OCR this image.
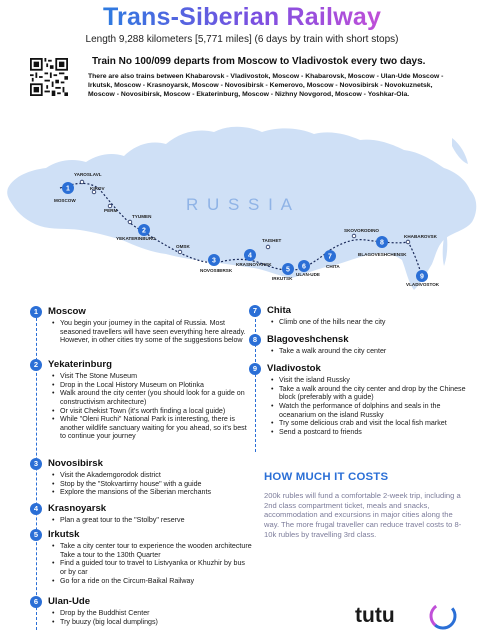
Trans-Siberian Railway
Length 9,288 kilometers [5,771 miles] (6 days by train with short stops)
Train No 100/099 departs from Moscow to Vladivostok every two days.
There are also trains between Khabarovsk - Vladivostok, Moscow - Khabarovsk, Moscow - Ulan-Ude Moscow - Irkutsk, Moscow - Krasnoyarsk, Moscow - Novosibirsk - Kemerovo, Moscow - Novosibirsk - Novokuznetsk, Moscow - Novosibirsk, Moscow - Ekaterinburg, Moscow - Nizhny Novgorod, Moscow - Yoshkar-Ola.
R U S S I A
YAROSLAVL
MOSCOW
KIROV
PERM
TYUMEN
YEKATERINBURG
OMSK
NOVOSIBIRSK
TAISHET
KRASNOYARSK
IRKUTSK
ULAN-UDE
CHITA
SKOVORODINO
BLAGOVESHCHENSK
KHABAROVSK
VLADIVOSTOK
1
2
3
4
5 6
7
8
9
1	Moscow
• You begin your journey in the capital of Russia. Most seasoned travellers will have seen everything here already. However, in other cities try some of the suggestions below
2	Yekaterinburg
• Visit The Stone Museum
• Drop in the Local History Museum on Plotinka
• Walk around the city center (you should look for a guide on constructivism architecture)
• Or visit Chekist Town (it's worth finding a local guide)
• While "Oleni Ruchi" National Park is interesting, there is another wildlife sanctuary waiting for you ahead, so it's best to continue your journey
3	Novosibirsk
• Visit the Akademgorodok district
• Stop by the "Stokvartirny house" with a guide
• Explore the mansions of the Siberian merchants
4	Krasnoyarsk
• Plan a great tour to the "Stolby" reserve
5	Irkutsk
• Take a city center tour to experience the wooden architecture Take a tour to the 130th Quarter
• Find a guided tour to travel to Listvyanka or Khuzhir by bus or by car
• Go for a ride on the Circum-Baikal Railway
6	Ulan-Ude
• Drop by the Buddhist Center
• Try buuzy (big local dumplings)
7	Chita
• Climb one of the hills near the city
8	Blagoveshchensk
• Take a walk around the city center
9	Vladivostok
• Visit the island Russky
• Take a walk around the city center and drop by the Chinese block (preferably with a guide)
• Watch the performance of dolphins and seals in the oceanarium on the island Russky
• Try some delicious crab and visit the local fish market
• Send a postcard to friends
HOW MUCH IT COSTS
200k rubles will fund a comfortable 2-week trip, including a 2nd class compartment ticket, meals and snacks, accommodation and excursions in major cities along the way. The more frugal traveller can reduce travel costs to 8-10k rubles by travelling 3rd class.
tutu
